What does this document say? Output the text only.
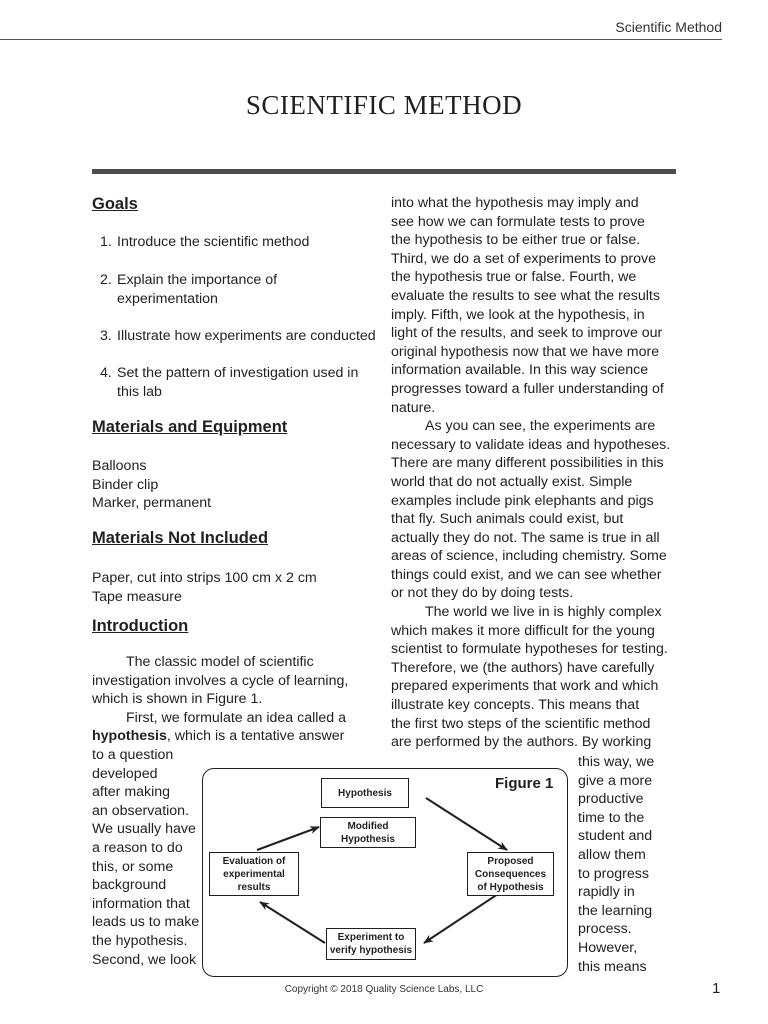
Scientific Method
SCIENTIFIC METHOD
Goals
1. Introduce the scientific method
2. Explain the importance of
experimentation
3. Illustrate how experiments are conducted
4. Set the pattern of investigation used in
this lab
Materials and Equipment
Balloons
Binder clip
Marker, permanent
Materials Not Included
Paper, cut into strips 100 cm x 2 cm
Tape measure
Introduction
The classic model of scientific
investigation involves a cycle of learning,
which is shown in Figure 1.
First, we formulate an idea called a
hypothesis, which is a tentative answer
to a question
developed
after making
an observation.
We usually have
a reason to do
this, or some
background
information that
leads us to make
the hypothesis.
Second, we look
into what the hypothesis may imply and
see how we can formulate tests to prove
the hypothesis to be either true or false.
Third, we do a set of experiments to prove
the hypothesis true or false. Fourth, we
evaluate the results to see what the results
imply. Fifth, we look at the hypothesis, in
light of the results, and seek to improve our
original hypothesis now that we have more
information available. In this way science
progresses toward a fuller understanding of
nature.
As you can see, the experiments are
necessary to validate ideas and hypotheses.
There are many different possibilities in this
world that do not actually exist. Simple
examples include pink elephants and pigs
that fly. Such animals could exist, but
actually they do not. The same is true in all
areas of science, including chemistry. Some
things could exist, and we can see whether
or not they do by doing tests.
The world we live in is highly complex
which makes it more difficult for the young
scientist to formulate hypotheses for testing.
Therefore, we (the authors) have carefully
prepared experiments that work and which
illustrate key concepts. This means that
the first two steps of the scientific method
are performed by the authors. By working
this way, we
give a more
productive
time to the
student and
allow them
to progress
rapidly in
the learning
process.
However,
this means
Figure 1
Hypothesis
Modified
Hypothesis
Evaluation of
experimental
results
Proposed
Consequences
of Hypothesis
Experiment to
verify hypothesis
Copyright © 2018 Quality Science Labs, LLC	1
